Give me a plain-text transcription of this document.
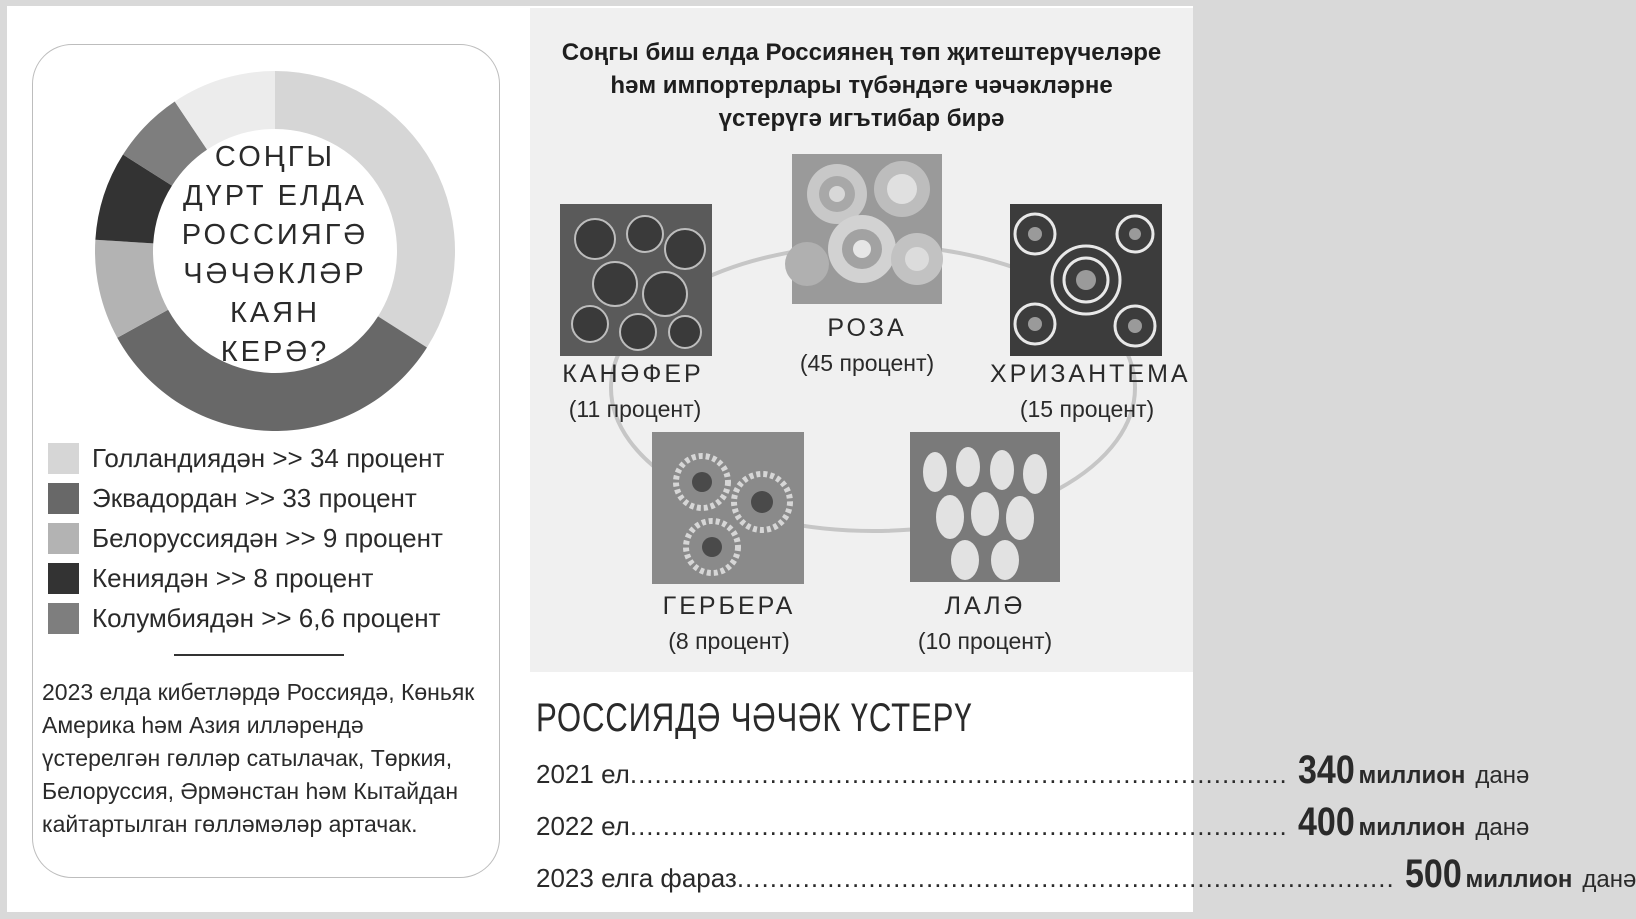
СОҢГЫ
ДҮРТ ЕЛДА
РОССИЯГӘ
ЧӘЧӘКЛӘР
КАЯН КЕРӘ?
Голландиядән >> 34 процент
Эквадордан >> 33 процент
Белоруссиядән >> 9 процент
Кениядән >> 8 процент
Колумбиядән >> 6,6 процент
2023 елда кибетләрдә Россиядә, Көньяк Америка һәм Азия илләрендә үстерелгән гөлләр сатылачак, Төркия, Белоруссия, Әрмәнстан һәм Кытайдан кайтартылган гөлләмәләр артачак.
Соңгы биш елда Россиянең төп җитештерүчеләре
һәм импортерлары түбәндәге чәчәкләрне
үстерүгә игътибар бирә
РОЗА
(45 процент)	ХРИЗАНТЕМА
(15 процент)
ЛАЛӘ
(10 процент)
ГЕРБЕРА
(8 процент)
КАНӘФЕР
(11 процент)
РОССИЯДӘ ЧӘЧӘК ҮСТЕРҮ
2021 ел ................................................................................ 340 миллион данә
2022 ел ................................................................................ 400 миллион данә
2023 елга фараз ................................................................................ 500 миллион данә
